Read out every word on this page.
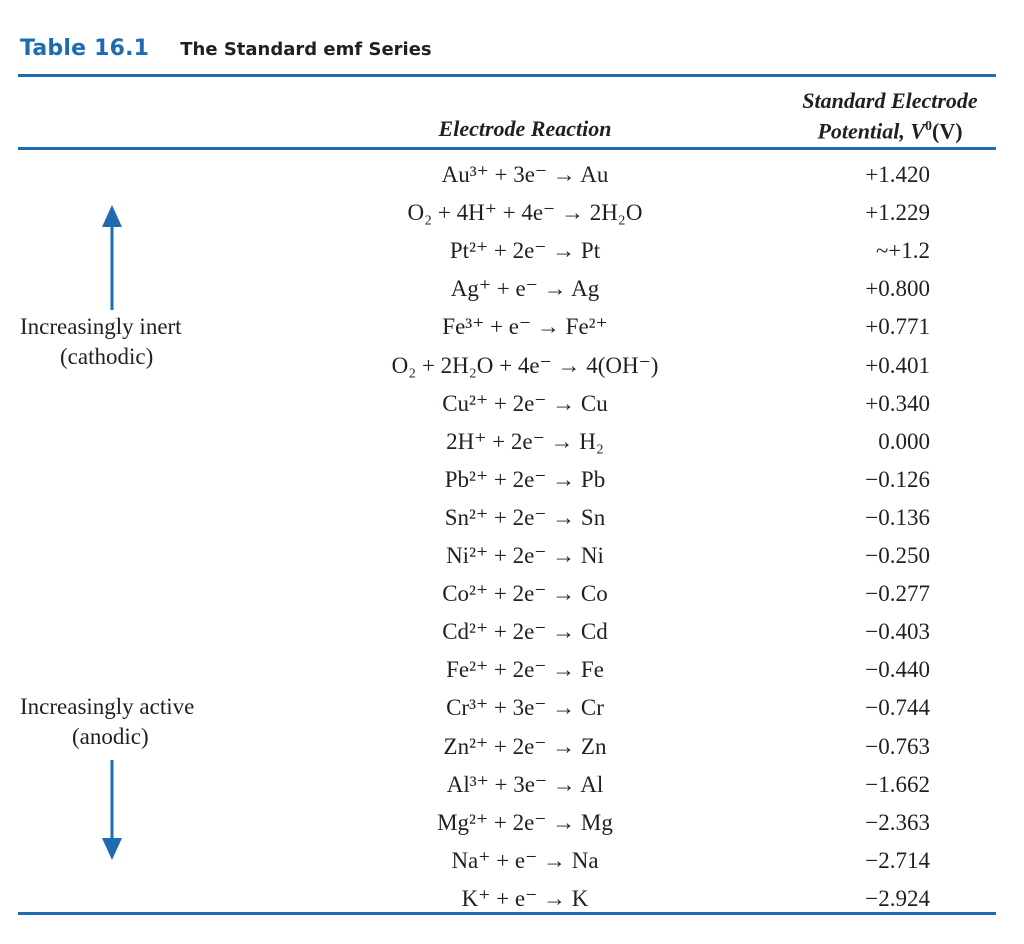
Table 16.1 The Standard emf Series
Electrode Reaction
Standard Electrode
Potential, $V^0(V)$
Au³⁺ + 3e⁻ → Au	+1.420
O₂ + 4H⁺ + 4e⁻ → 2H₂O	+1.229
Pt²⁺ + 2e⁻ → Pt	~+1.2
Ag⁺ + e⁻ → Ag	+0.800
Fe³⁺ + e⁻ → Fe²⁺	+0.771
O₂ + 2H₂O + 4e⁻ → 4(OH⁻)	+0.401
Cu²⁺ + 2e⁻ → Cu	+0.340
2H⁺ + 2e⁻ → H₂	0.000
Pb²⁺ + 2e⁻ → Pb	−0.126
Sn²⁺ + 2e⁻ → Sn	−0.136
Ni²⁺ + 2e⁻ → Ni	−0.250
Co²⁺ + 2e⁻ → Co	−0.277
Cd²⁺ + 2e⁻ → Cd	−0.403
Fe²⁺ + 2e⁻ → Fe	−0.440
Cr³⁺ + 3e⁻ → Cr	−0.744
Zn²⁺ + 2e⁻ → Zn	−0.763
Al³⁺ + 3e⁻ → Al	−1.662
Mg²⁺ + 2e⁻ → Mg	−2.363
Na⁺ + e⁻ → Na	−2.714
K⁺ + e⁻ → K	−2.924
Increasingly inert
(cathodic)
Increasingly active
(anodic)
